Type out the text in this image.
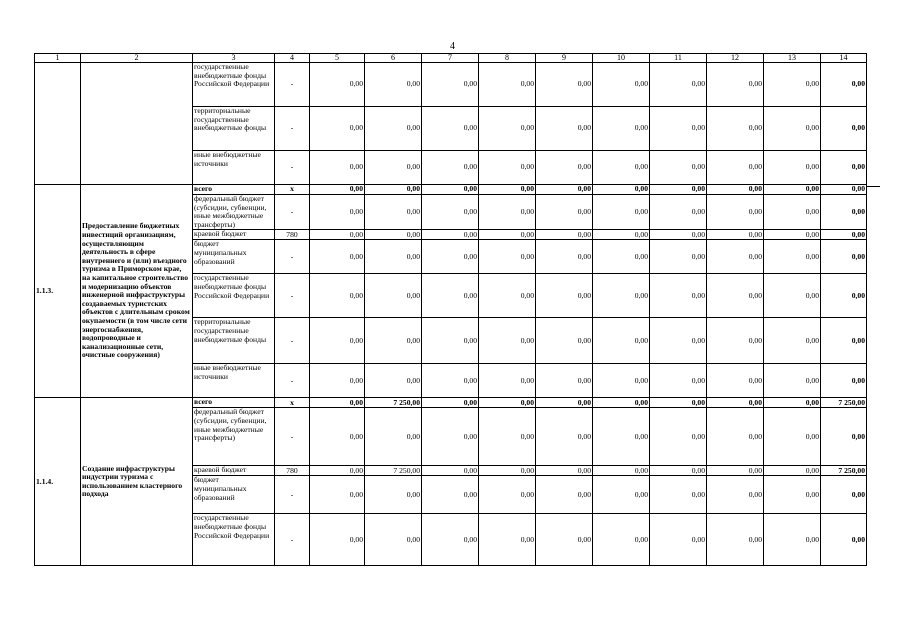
4
1	2	3	4	5	6	7	8	9	10	11	12	13	14
		государственные внебюджетные фонды Российской Федерации	-	0,00	0,00	0,00	0,00	0,00	0,00	0,00	0,00	0,00	0,00
		территориальные государственные внебюджетные фонды	-	0,00	0,00	0,00	0,00	0,00	0,00	0,00	0,00	0,00	0,00
		иные внебюджетные источники	-	0,00	0,00	0,00	0,00	0,00	0,00	0,00	0,00	0,00	0,00
1.1.3.	Предоставление бюджетных инвестиций организациям, осуществляющим деятельность в сфере внутреннего и (или) въездного туризма в Приморском крае, на капитальное строительство и модернизацию объектов инженерной инфраструктуры создаваемых туристских объектов с длительным сроком окупаемости (в том числе сети энергоснабжения, водопроводные и канализационные сети, очистные сооружения)	всего	x	0,00	0,00	0,00	0,00	0,00	0,00	0,00	0,00	0,00	0,00
		федеральный бюджет (субсидии, субвенции, иные межбюджетные трансферты)	-	0,00	0,00	0,00	0,00	0,00	0,00	0,00	0,00	0,00	0,00
		краевой бюджет	780	0,00	0,00	0,00	0,00	0,00	0,00	0,00	0,00	0,00	0,00
		бюджет муниципальных образований	-	0,00	0,00	0,00	0,00	0,00	0,00	0,00	0,00	0,00	0,00
		государственные внебюджетные фонды Российской Федерации	-	0,00	0,00	0,00	0,00	0,00	0,00	0,00	0,00	0,00	0,00
		территориальные государственные внебюджетные фонды	-	0,00	0,00	0,00	0,00	0,00	0,00	0,00	0,00	0,00	0,00
		иные внебюджетные источники	-	0,00	0,00	0,00	0,00	0,00	0,00	0,00	0,00	0,00	0,00
1.1.4.	Создание инфраструктуры индустрии туризма с использованием кластерного подхода	всего	x	0,00	7 250,00	0,00	0,00	0,00	0,00	0,00	0,00	0,00	7 250,00
		федеральный бюджет (субсидии, субвенции, иные межбюджетные трансферты)	-	0,00	0,00	0,00	0,00	0,00	0,00	0,00	0,00	0,00	0,00
		краевой бюджет	780	0,00	7 250,00	0,00	0,00	0,00	0,00	0,00	0,00	0,00	7 250,00
		бюджет муниципальных образований	-	0,00	0,00	0,00	0,00	0,00	0,00	0,00	0,00	0,00	0,00
		государственные внебюджетные фонды Российской Федерации	-	0,00	0,00	0,00	0,00	0,00	0,00	0,00	0,00	0,00	0,00
